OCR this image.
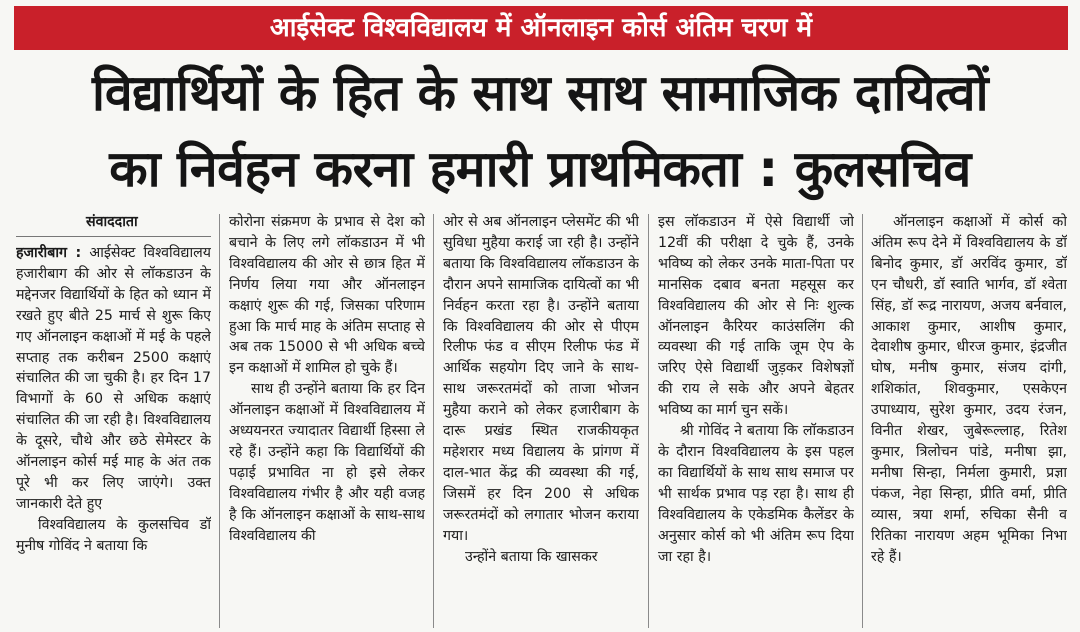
आईसेक्ट विश्वविद्यालय में ऑनलाइन कोर्स अंतिम चरण में
विद्यार्थियों के हित के साथ साथ सामाजिक दायित्वों
का निर्वहन करना हमारी प्राथमिकता : कुलसचिव
संवाददाता

हजारीबाग : आईसेक्ट विश्वविद्यालय हजारीबाग की ओर से लॉकडाउन के मद्देनजर विद्यार्थियों के हित को ध्यान में रखते हुए बीते 25 मार्च से शुरू किए गए ऑनलाइन कक्षाओं में मई के पहले सप्ताह तक करीबन 2500 कक्षाएं संचालित की जा चुकी है। हर दिन 17 विभागों के 60 से अधिक कक्षाएं संचालित की जा रही है। विश्वविद्यालय के दूसरे, चौथे और छठे सेमेस्टर के ऑनलाइन कोर्स मई माह के अंत तक पूरे भी कर लिए जाएंगे। उक्त जानकारी देते हुए

विश्वविद्यालय के कुलसचिव डॉ मुनीष गोविंद ने बताया कि

कोरोना संक्रमण के प्रभाव से देश को बचाने के लिए लगे लॉकडाउन में भी विश्वविद्यालय की ओर से छात्र हित में निर्णय लिया गया और ऑनलाइन कक्षाएं शुरू की गई, जिसका परिणाम हुआ कि मार्च माह के अंतिम सप्ताह से अब तक 15000 से भी अधिक बच्चे इन कक्षाओं में शामिल हो चुके हैं।

साथ ही उन्होंने बताया कि हर दिन ऑनलाइन कक्षाओं में विश्वविद्यालय में अध्ययनरत ज्यादातर विद्यार्थी हिस्सा ले रहे हैं। उन्होंने कहा कि विद्यार्थियों की पढ़ाई प्रभावित ना हो इसे लेकर विश्वविद्यालय गंभीर है और यही वजह है कि ऑनलाइन कक्षाओं के साथ-साथ विश्वविद्यालय की

ओर से अब ऑनलाइन प्लेसमेंट की भी सुविधा मुहैया कराई जा रही है। उन्होंने बताया कि विश्वविद्यालय लॉकडाउन के दौरान अपने सामाजिक दायित्वों का भी निर्वहन करता रहा है। उन्होंने बताया कि विश्वविद्यालय की ओर से पीएम रिलीफ फंड व सीएम रिलीफ फंड में आर्थिक सहयोग दिए जाने के साथ-साथ जरूरतमंदों को ताजा भोजन मुहैया कराने को लेकर हजारीबाग के दारू प्रखंड स्थित राजकीयकृत महेशरार मध्य विद्यालय के प्रांगण में दाल-भात केंद्र की व्यवस्था की गई, जिसमें हर दिन 200 से अधिक जरूरतमंदों को लगातार भोजन कराया गया।

उन्होंने बताया कि खासकर

इस लॉकडाउन में ऐसे विद्यार्थी जो 12वीं की परीक्षा दे चुके हैं, उनके भविष्य को लेकर उनके माता-पिता पर मानसिक दबाव बनता महसूस कर विश्वविद्यालय की ओर से निः शुल्क ऑनलाइन कैरियर काउंसलिंग की व्यवस्था की गई ताकि जूम ऐप के जरिए ऐसे विद्यार्थी जुड़कर विशेषज्ञों की राय ले सके और अपने बेहतर भविष्य का मार्ग चुन सकें।

श्री गोविंद ने बताया कि लॉकडाउन के दौरान विश्वविद्यालय के इस पहल का विद्यार्थियों के साथ साथ समाज पर भी सार्थक प्रभाव पड़ रहा है। साथ ही विश्वविद्यालय के एकेडमिक कैलेंडर के अनुसार कोर्स को भी अंतिम रूप दिया जा रहा है।

ऑनलाइन कक्षाओं में कोर्स को अंतिम रूप देने में विश्वविद्यालय के डॉ बिनोद कुमार, डॉ अरविंद कुमार, डॉ एन चौधरी, डॉ स्वाति भार्गव, डॉ श्वेता सिंह, डॉ रूद्र नारायण, अजय बर्नवाल, आकाश कुमार, आशीष कुमार, देवाशीष कुमार, धीरज कुमार, इंद्रजीत घोष, मनीष कुमार, संजय दांगी, शशिकांत, शिवकुमार, एसकेएन उपाध्याय, सुरेश कुमार, उदय रंजन, विनीत शेखर, जुबेरूल्लाह, रितेश कुमार, त्रिलोचन पांडे, मनीषा झा, मनीषा सिन्हा, निर्मला कुमारी, प्रज्ञा पंकज, नेहा सिन्हा, प्रीति वर्मा, प्रीति व्यास, त्रया शर्मा, रुचिका सैनी व रितिका नारायण अहम भूमिका निभा रहे हैं।
